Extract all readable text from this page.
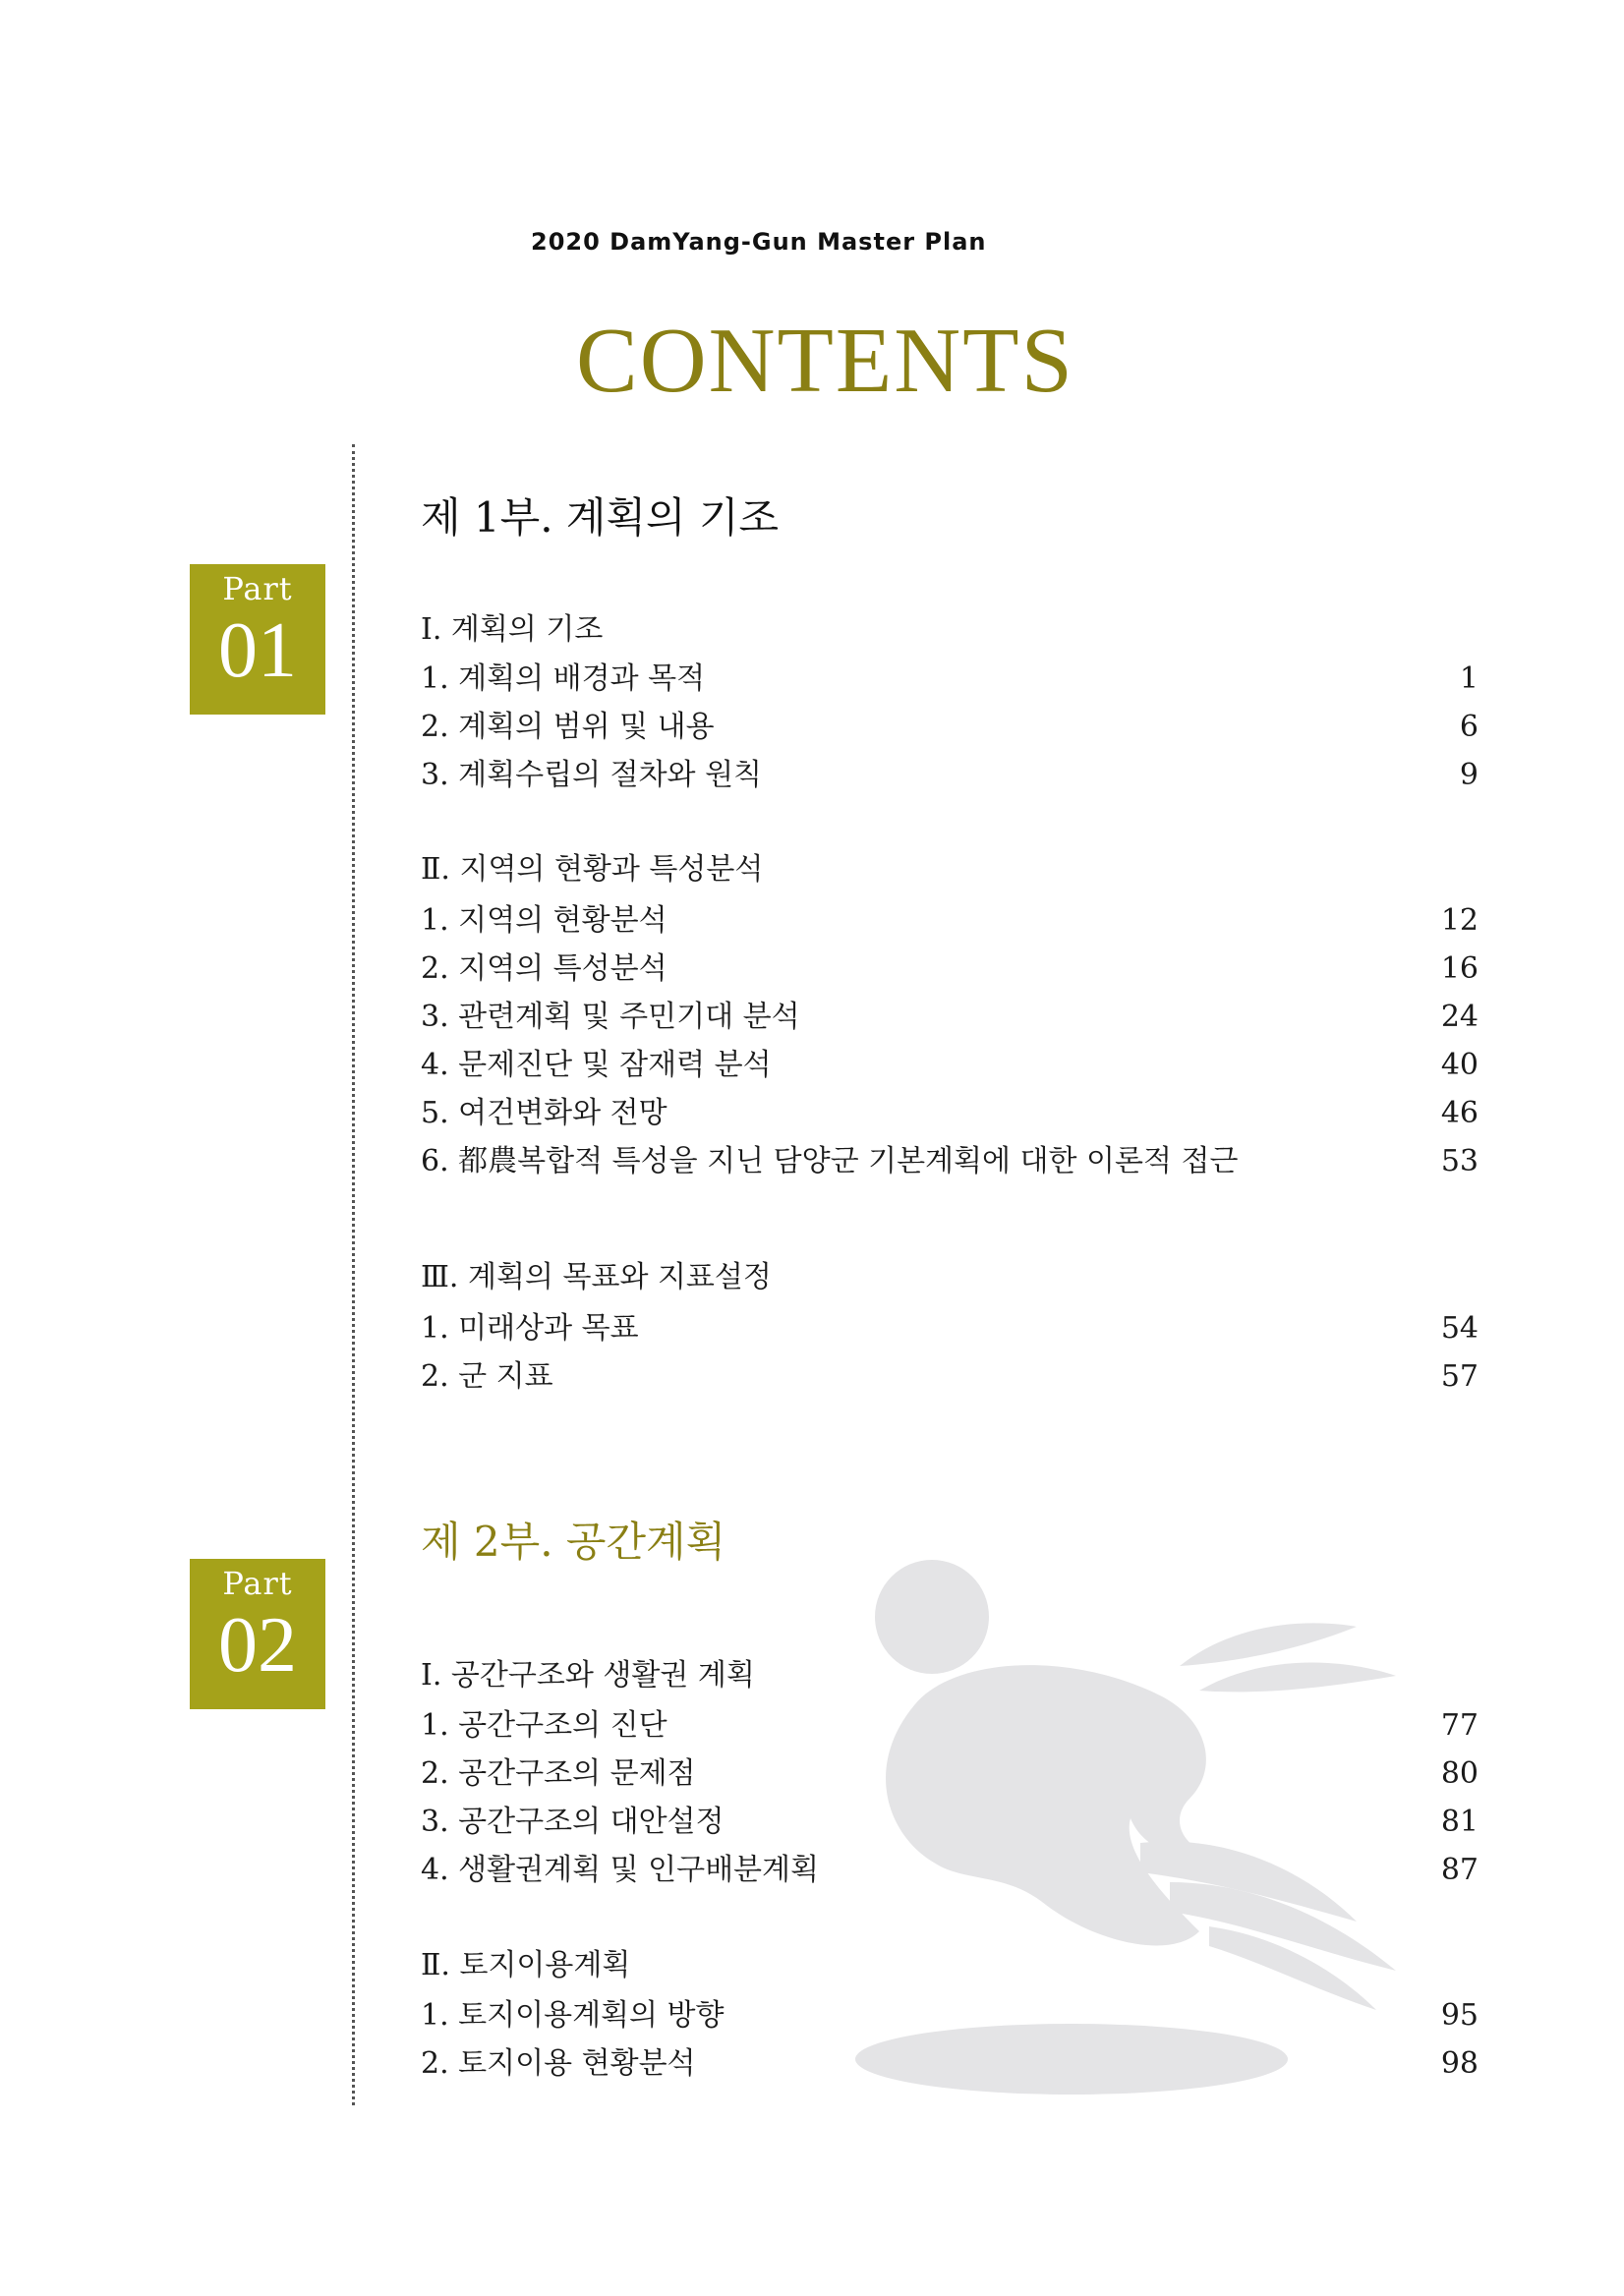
2020 DamYang-Gun Master Plan
CONTENTS
Part
01
Part
02
제 1부. 계획의 기조
Ⅰ. 계획의 기조
1. 계획의 배경과 목적	1
2. 계획의 범위 및 내용	6
3. 계획수립의 절차와 원칙	9
Ⅱ. 지역의 현황과 특성분석
1. 지역의 현황분석	12
2. 지역의 특성분석	16
3. 관련계획 및 주민기대 분석	24
4. 문제진단 및 잠재력 분석	40
5. 여건변화와 전망	46
6. 都農복합적 특성을 지닌 담양군 기본계획에 대한 이론적 접근	53
Ⅲ. 계획의 목표와 지표설정
1. 미래상과 목표	54
2. 군 지표	57
제 2부. 공간계획
Ⅰ. 공간구조와 생활권 계획
1. 공간구조의 진단	77
2. 공간구조의 문제점	80
3. 공간구조의 대안설정	81
4. 생활권계획 및 인구배분계획	87
Ⅱ. 토지이용계획
1. 토지이용계획의 방향	95
2. 토지이용 현황분석	98
